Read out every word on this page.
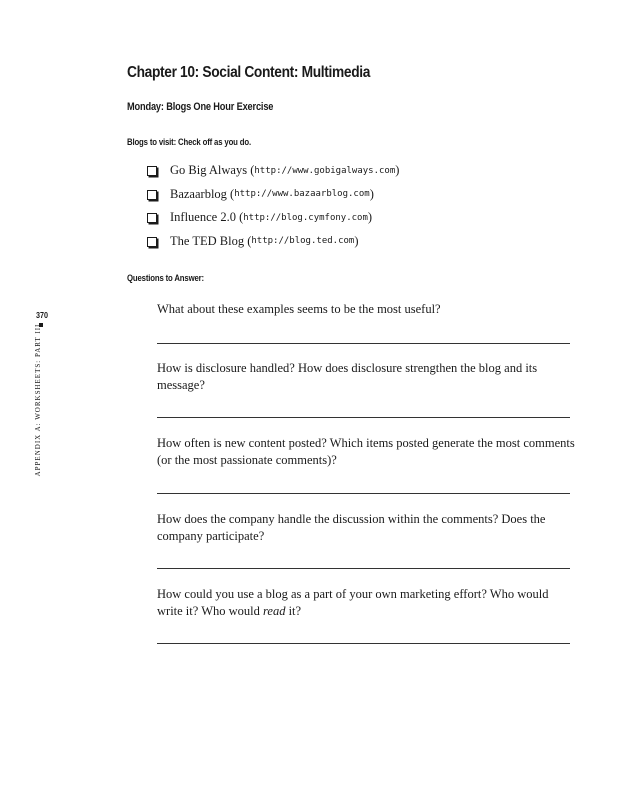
Chapter 10: Social Content: Multimedia
Monday: Blogs One Hour Exercise
Blogs to visit: Check off as you do.
Go Big Always ( http://www.gobigalways.com )
Bazaarblog ( http://www.bazaarblog.com )
Influence 2.0 ( http://blog.cymfony.com )
The TED Blog ( http://blog.ted.com )
Questions to Answer:

What about these examples seems to be the most useful?

How is disclosure handled? How does disclosure strengthen the blog and its message?

How often is new content posted? Which items posted generate the most comments (or the most passionate comments)?

How does the company handle the discussion within the comments? Does the company participate?

How could you use a blog as a part of your own marketing effort? Who would write it? Who would read it?

370
APPENDIX A: WORKSHEETS: PART III
